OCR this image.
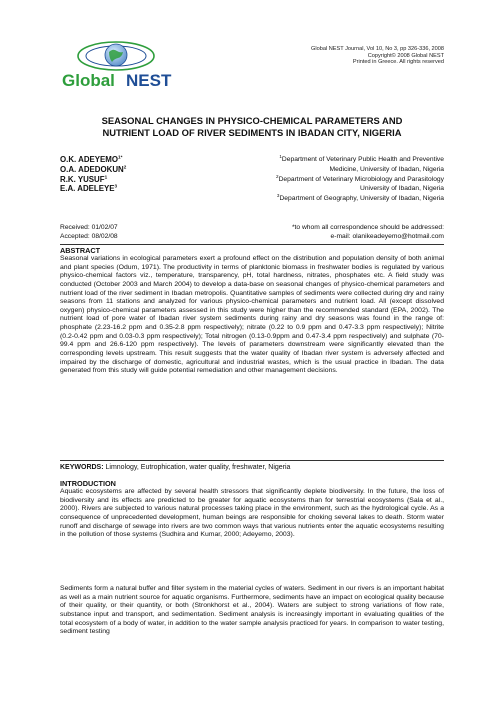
Global NEST
Global NEST Journal, Vol 10, No 3, pp 326-336, 2008
Copyright© 2008 Global NEST
Printed in Greece. All rights reserved
SEASONAL CHANGES IN PHYSICO-CHEMICAL PARAMETERS AND
NUTRIENT LOAD OF RIVER SEDIMENTS IN IBADAN CITY, NIGERIA
O.K. $ADEYEMO^{1*}$
O.A. ADEDOKUN$^2$
R.K. YUSUF$^1$
E.A. ADELEYE$^3$
$^1$Department of Veterinary Public Health and Preventive
Medicine, University of Ibadan, Nigeria
$^2$Department of Veterinary Microbiology and Parasitology
University of Ibadan, Nigeria
$^3$Department of Geography, University of Ibadan, Nigeria
Received: 01/02/07
Accepted: 08/02/08
*to whom all correspondence should be addressed:
e-mail: olanikeadeyemo@hotmail.com
ABSTRACT
Seasonal variations in ecological parameters exert a profound effect on the distribution and population density of both animal and plant species (Odum, 1971). The productivity in terms of planktonic biomass in freshwater bodies is regulated by various physico-chemical factors viz., temperature, transparency, pH, total hardness, nitrates, phosphates etc. A field study was conducted (October 2003 and March 2004) to develop a data-base on seasonal changes of physico-chemical parameters and nutrient load of the river sediment in Ibadan metropolis. Quantitative samples of sediments were collected during dry and rainy seasons from 11 stations and analyzed for various physico-chemical parameters and nutrient load. All (except dissolved oxygen) physico-chemical parameters assessed in this study were higher than the recommended standard (EPA, 2002). The nutrient load of pore water of Ibadan river system sediments during rainy and dry seasons was found in the range of: phosphate (2.23-16.2 ppm and 0.35-2.8 ppm respectively); nitrate (0.22 to 0.9 ppm and 0.47-3.3 ppm respectively); Nitrite (0.2-0.42 ppm and 0.03-0.3 ppm respectively); Total nitrogen (0.13-0.9ppm and 0.47-3.4 ppm respectively) and sulphate (70-99.4 ppm and 26.6-120 ppm respectively). The levels of parameters downstream were significantly elevated than the corresponding levels upstream. This result suggests that the water quality of Ibadan river system is adversely affected and impaired by the discharge of domestic, agricultural and industrial wastes, which is the usual practice in Ibadan. The data generated from this study will guide potential remediation and other management decisions.
KEYWORDS: Limnology, Eutrophication, water quality, freshwater, Nigeria
INTRODUCTION
Aquatic ecosystems are affected by several health stressors that significantly deplete biodiversity. In the future, the loss of biodiversity and its effects are predicted to be greater for aquatic ecosystems than for terrestrial ecosystems (Sala et al., 2000). Rivers are subjected to various natural processes taking place in the environment, such as the hydrological cycle. As a consequence of unprecedented development, human beings are responsible for choking several lakes to death. Storm water runoff and discharge of sewage into rivers are two common ways that various nutrients enter the aquatic ecosystems resulting in the pollution of those systems (Sudhira and Kumar, 2000; Adeyemo, 2003).
Sediments form a natural buffer and filter system in the material cycles of waters. Sediment in our rivers is an important habitat as well as a main nutrient source for aquatic organisms. Furthermore, sediments have an impact on ecological quality because of their quality, or their quantity, or both (Stronkhorst et al., 2004). Waters are subject to strong variations of flow rate, substance input and transport, and sedimentation. Sediment analysis is increasingly important in evaluating qualities of the total ecosystem of a body of water, in addition to the water sample analysis practiced for years. In comparison to water testing, sediment testing
